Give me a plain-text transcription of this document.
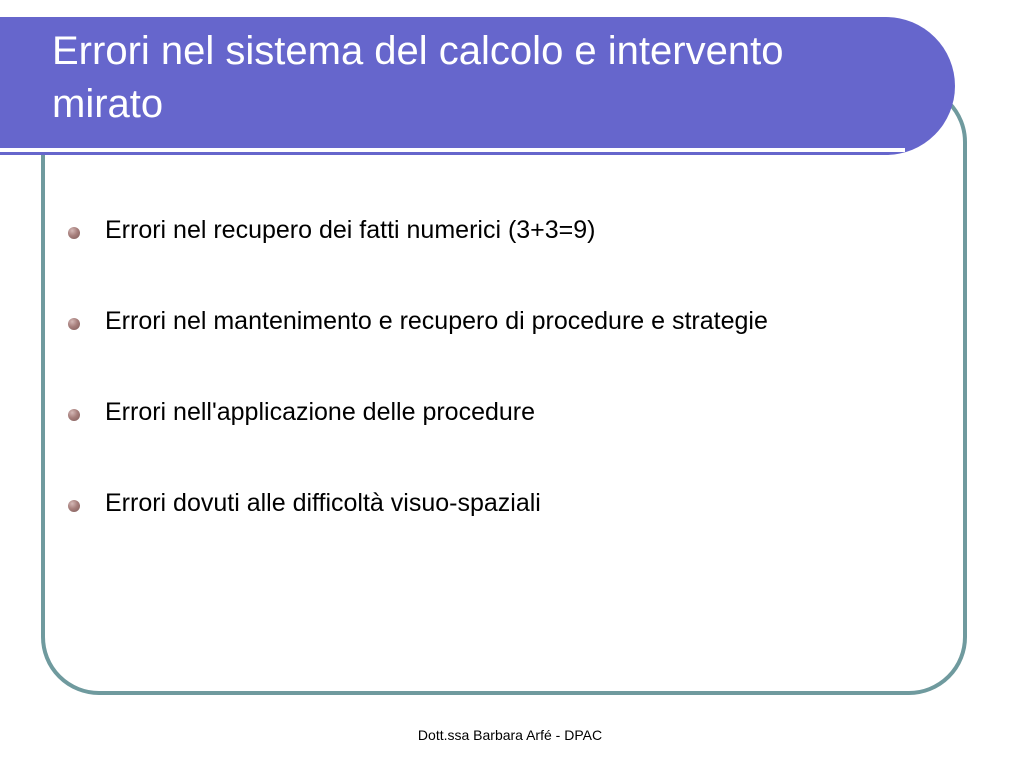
Errori nel sistema del calcolo e intervento mirato
Errori nel recupero dei fatti numerici (3+3=9)
Errori nel mantenimento e recupero di procedure e strategie
Errori nell'applicazione delle procedure
Errori dovuti alle difficoltà visuo-spaziali
Dott.ssa Barbara Arfé - DPAC
